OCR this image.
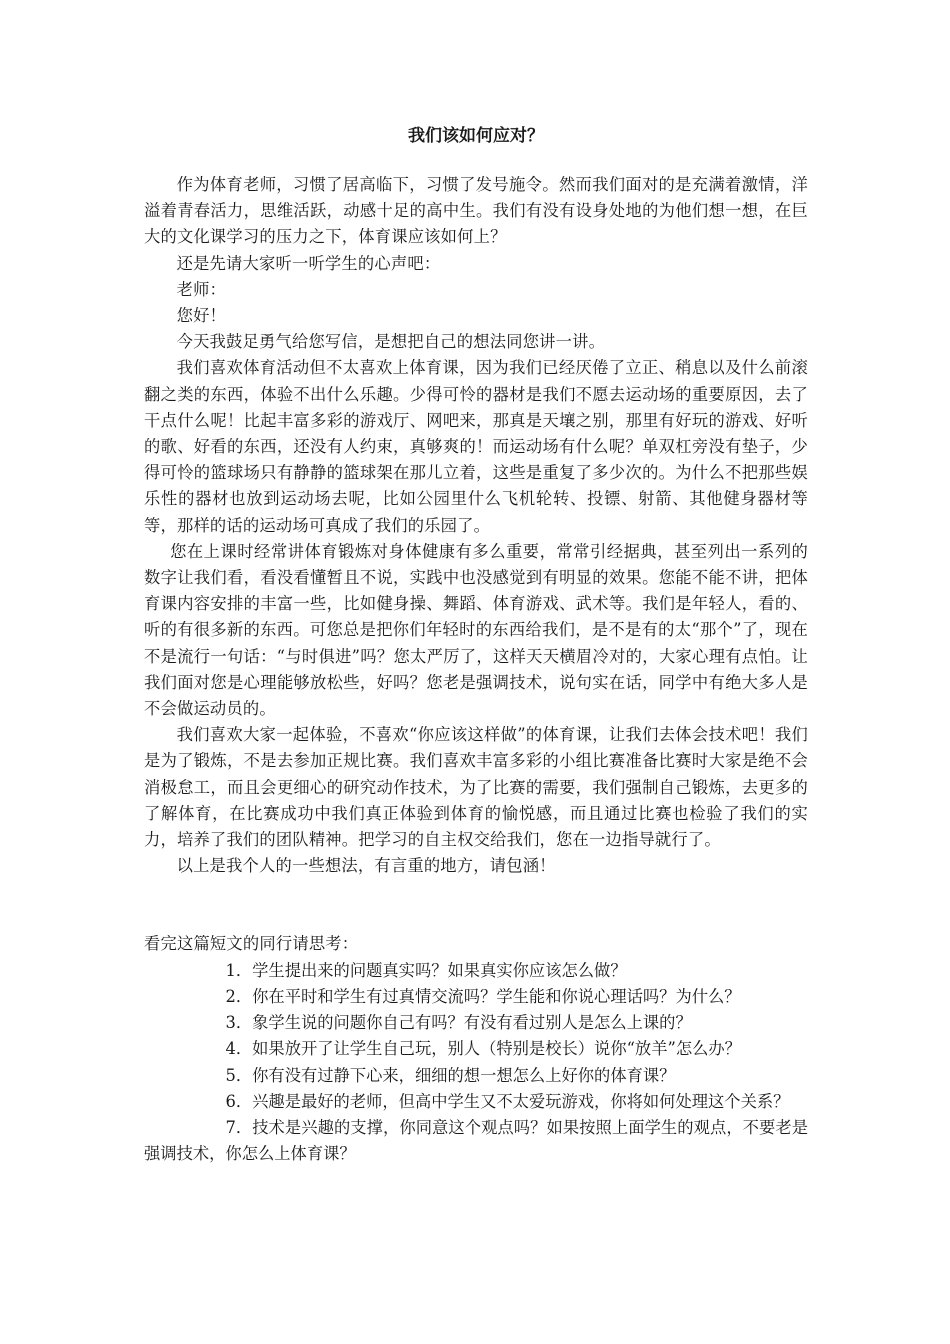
我们该如何应对？

作为体育老师，习惯了居高临下，习惯了发号施令。然而我们面对的是充满着激情，洋溢着青春活力，思维活跃，动感十足的高中生。我们有没有设身处地的为他们想一想，在巨大的文化课学习的压力之下，体育课应该如何上？

还是先请大家听一听学生的心声吧：

老师：

您好！

今天我鼓足勇气给您写信，是想把自己的想法同您讲一讲。

我们喜欢体育活动但不太喜欢上体育课，因为我们已经厌倦了立正、稍息以及什么前滚翻之类的东西，体验不出什么乐趣。少得可怜的器材是我们不愿去运动场的重要原因，去了干点什么呢！比起丰富多彩的游戏厅、网吧来，那真是天壤之别，那里有好玩的游戏、好听的歌、好看的东西，还没有人约束，真够爽的！而运动场有什么呢？单双杠旁没有垫子，少得可怜的篮球场只有静静的篮球架在那儿立着，这些是重复了多少次的。为什么不把那些娱乐性的器材也放到运动场去呢，比如公园里什么飞机轮转、投镖、射箭、其他健身器材等等，那样的话的运动场可真成了我们的乐园了。

您在上课时经常讲体育锻炼对身体健康有多么重要，常常引经据典，甚至列出一系列的数字让我们看，看没看懂暂且不说，实践中也没感觉到有明显的效果。您能不能不讲，把体育课内容安排的丰富一些，比如健身操、舞蹈、体育游戏、武术等。我们是年轻人，看的、听的有很多新的东西。可您总是把你们年轻时的东西给我们，是不是有的太“那个”了，现在不是流行一句话：“与时俱进”吗？您太严厉了，这样天天横眉冷对的，大家心理有点怕。让我们面对您是心理能够放松些，好吗？您老是强调技术，说句实在话，同学中有绝大多人是不会做运动员的。

我们喜欢大家一起体验，不喜欢“你应该这样做”的体育课，让我们去体会技术吧！我们是为了锻炼，不是去参加正规比赛。我们喜欢丰富多彩的小组比赛准备比赛时大家是绝不会消极怠工，而且会更细心的研究动作技术，为了比赛的需要，我们强制自己锻炼，去更多的了解体育，在比赛成功中我们真正体验到体育的愉悦感，而且通过比赛也检验了我们的实力，培养了我们的团队精神。把学习的自主权交给我们，您在一边指导就行了。

以上是我个人的一些想法，有言重的地方，请包涵！

看完这篇短文的同行请思考：

1．学生提出来的问题真实吗？如果真实你应该怎么做？

2．你在平时和学生有过真情交流吗？学生能和你说心理话吗？为什么？

3．象学生说的问题你自己有吗？有没有看过别人是怎么上课的？

4．如果放开了让学生自己玩，别人（特别是校长）说你“放羊”怎么办？

5．你有没有过静下心来，细细的想一想怎么上好你的体育课？

6．兴趣是最好的老师，但高中学生又不太爱玩游戏，你将如何处理这个关系？

7．技术是兴趣的支撑，你同意这个观点吗？如果按照上面学生的观点，不要老是强调技术，你怎么上体育课？
